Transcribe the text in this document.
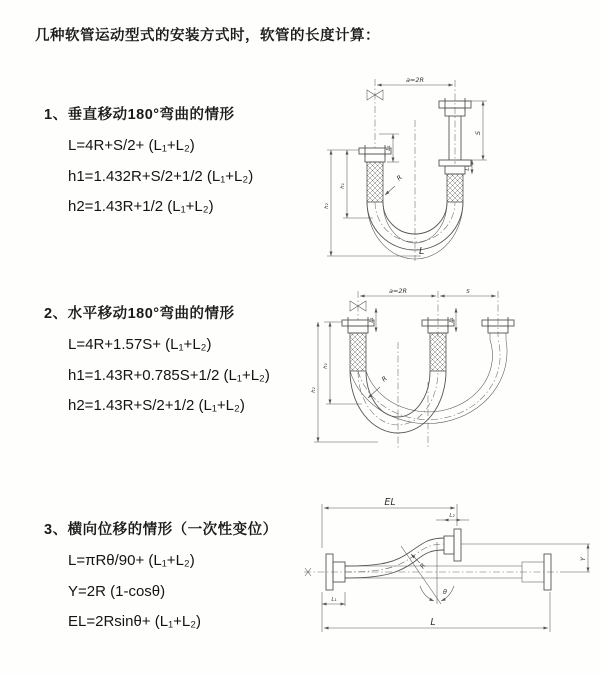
几种软管运动型式的安装方式时，软管的长度计算：
1、垂直移动180°弯曲的情形
L=4R+S/2+ (L₁+L₂)
h1=1.432R+S/2+1/2 (L₁+L₂)
h2=1.43R+1/2 (L₁+L₂)
2、水平移动180°弯曲的情形
L=4R+1.57S+ (L₁+L₂)
h1=1.43R+0.785S+1/2 (L₁+L₂)
h2=1.43R+S/2+1/2 (L₁+L₂)
3、横向位移的情形（一次性变位）
L=πRθ/90+ (L₁+L₂)
Y=2R (1-cosθ)
EL=2Rsinθ+ (L₁+L₂)
a=2R
R
S
L₁
L₁
h₁
h₂
L
a=2R	S
R
L₁	L₁
h₁
h₂
EL
L₂
R
θ
Y
L₁
L
